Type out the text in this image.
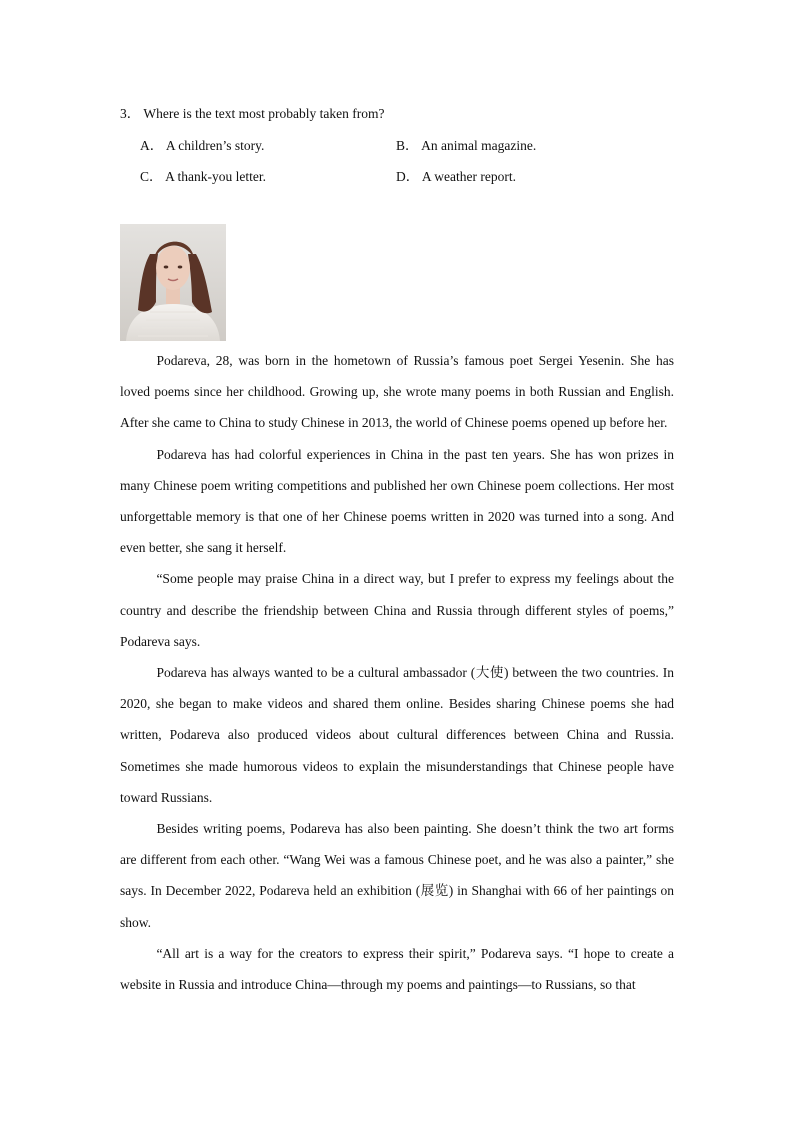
3． Where is the text most probably taken from?
A． A children’s story.	B． An animal magazine.
C． A thank-you letter.	D． A weather report.

Podareva, 28, was born in the hometown of Russia’s famous poet Sergei Yesenin. She has loved poems since her childhood. Growing up, she wrote many poems in both Russian and English. After she came to China to study Chinese in 2013, the world of Chinese poems opened up before her.

Podareva has had colorful experiences in China in the past ten years. She has won prizes in many Chinese poem writing competitions and published her own Chinese poem collections. Her most unforgettable memory is that one of her Chinese poems written in 2020 was turned into a song. And even better, she sang it herself.

“Some people may praise China in a direct way, but I prefer to express my feelings about the country and describe the friendship between China and Russia through different styles of poems,” Podareva says.

Podareva has always wanted to be a cultural ambassador (大使) between the two countries. In 2020, she began to make videos and shared them online. Besides sharing Chinese poems she had written, Podareva also produced videos about cultural differences between China and Russia. Sometimes she made humorous videos to explain the misunderstandings that Chinese people have toward Russians.

Besides writing poems, Podareva has also been painting. She doesn’t think the two art forms are different from each other. “Wang Wei was a famous Chinese poet, and he was also a painter,” she says. In December 2022, Podareva held an exhibition (展览) in Shanghai with 66 of her paintings on show.

“All art is a way for the creators to express their spirit,” Podareva says. “I hope to create a website in Russia and introduce China—through my poems and paintings—to Russians, so that
